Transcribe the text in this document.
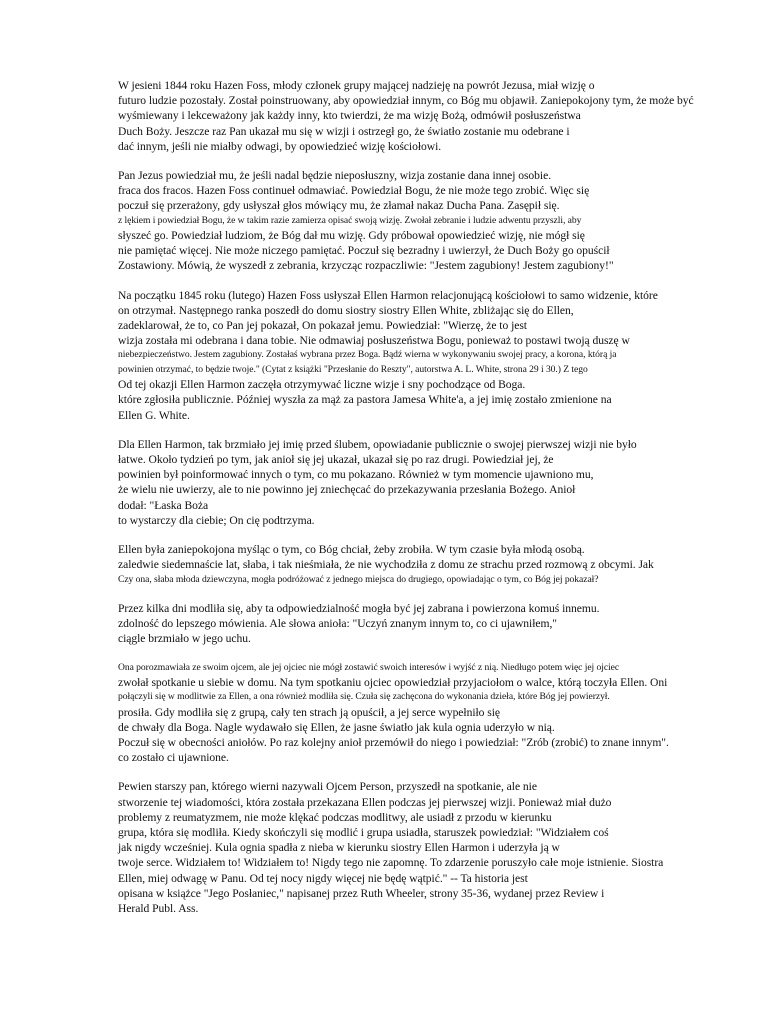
W jesieni 1844 roku Hazen Foss, młody członek grupy mającej nadzieję na powrót Jezusa, miał wizję o
futuro ludzie pozostały. Został poinstruowany, aby opowiedział innym, co Bóg mu objawił. Zaniepokojony tym, że może być
wyśmiewany i lekceważony jak każdy inny, kto twierdzi, że ma wizję Bożą, odmówił posłuszeństwa
Duch Boży. Jeszcze raz Pan ukazał mu się w wizji i ostrzegł go, że światło zostanie mu odebrane i
dać innym, jeśli nie miałby odwagi, by opowiedzieć wizję kościołowi.
Pan Jezus powiedział mu, że jeśli nadal będzie nieposłuszny, wizja zostanie dana innej osobie.
fraca dos fracos. Hazen Foss continuеł odmawiać. Powiedział Bogu, że nie może tego zrobić. Więc się
poczuł się przerażony, gdy usłyszał głos mówiący mu, że złamał nakaz Ducha Pana. Zasępił się.
z lękiem i powiedział Bogu, że w takim razie zamierza opisać swoją wizję. Zwołał zebranie i ludzie adwentu przyszli, aby
słyszeć go. Powiedział ludziom, że Bóg dał mu wizję. Gdy próbował opowiedzieć wizję, nie mógł się
nie pamiętać więcej. Nie może niczego pamiętać. Poczuł się bezradny i uwierzył, że Duch Boży go opuścił
Zostawiony. Mówią, że wyszedł z zebrania, krzycząc rozpaczliwie: "Jestem zagubiony! Jestem zagubiony!"
Na początku 1845 roku (lutego) Hazen Foss usłyszał Ellen Harmon relacjonującą kościołowi to samo widzenie, które
on otrzymał. Następnego ranka poszedł do domu siostry siostry Ellen White, zbliżając się do Ellen,
zadeklarował, że to, co Pan jej pokazał, On pokazał jemu. Powiedział: "Wierzę, że to jest
wizja została mi odebrana i dana tobie. Nie odmawiaj posłuszeństwa Bogu, ponieważ to postawi twoją duszę w
niebezpieczeństwo. Jestem zagubiony. Zostałaś wybrana przez Boga. Bądź wierna w wykonywaniu swojej pracy, a korona, którą ja
powinien otrzymać, to będzie twoje." (Cytat z książki "Przesłanie do Reszty", autorstwa A. L. White, strona 29 i 30.) Z tego
Od tej okazji Ellen Harmon zaczęła otrzymywać liczne wizje i sny pochodzące od Boga.
które zgłosiła publicznie. Później wyszła za mąż za pastora Jamesa White'a, a jej imię zostało zmienione na
Ellen G. White.
Dla Ellen Harmon, tak brzmiało jej imię przed ślubem, opowiadanie publicznie o swojej pierwszej wizji nie było
łatwe. Około tydzień po tym, jak anioł się jej ukazał, ukazał się po raz drugi. Powiedział jej, że
powinien był poinformować innych o tym, co mu pokazano. Również w tym momencie ujawniono mu,
że wielu nie uwierzy, ale to nie powinno jej zniechęcać do przekazywania przesłania Bożego. Anioł
dodał: "Łaska Boża
to wystarczy dla ciebie; On cię podtrzyma.
Ellen była zaniepokojona myśląc o tym, co Bóg chciał, żeby zrobiła. W tym czasie była młodą osobą.
zaledwie siedemnaście lat, słaba, i tak nieśmiała, że nie wychodziła z domu ze strachu przed rozmową z obcymi. Jak
Czy ona, słaba młoda dziewczyna, mogła podróżować z jednego miejsca do drugiego, opowiadając o tym, co Bóg jej pokazał?
Przez kilka dni modliła się, aby ta odpowiedzialność mogła być jej zabrana i powierzona komuś innemu.
zdolność do lepszego mówienia. Ale słowa anioła: "Uczyń znanym innym to, co ci ujawniłem,"
ciągle brzmiało w jego uchu.
Ona porozmawiała ze swoim ojcem, ale jej ojciec nie mógł zostawić swoich interesów i wyjść z nią. Niedługo potem więc jej ojciec
zwołał spotkanie u siebie w domu. Na tym spotkaniu ojciec opowiedział przyjaciołom o walce, którą toczyła Ellen. Oni
połączyli się w modlitwie za Ellen, a ona również modliła się. Czuła się zachęcona do wykonania dzieła, które Bóg jej powierzył.
prosiła. Gdy modliła się z grupą, cały ten strach ją opuścił, a jej serce wypełniło się
de chwały dla Boga. Nagle wydawało się Ellen, że jasne światło jak kula ognia uderzyło w nią.
Poczuł się w obecności aniołów. Po raz kolejny anioł przemówił do niego i powiedział: "Zrób (zrobić) to znane innym".
co zostało ci ujawnione.
Pewien starszy pan, którego wierni nazywali Ojcem Person, przyszedł na spotkanie, ale nie
stworzenie tej wiadomości, która została przekazana Ellen podczas jej pierwszej wizji. Ponieważ miał dużo
problemy z reumatyzmem, nie może klękać podczas modlitwy, ale usiadł z przodu w kierunku
grupa, która się modliła. Kiedy skończyli się modlić i grupa usiadła, staruszek powiedział: "Widziałem coś
jak nigdy wcześniej. Kula ognia spadła z nieba w kierunku siostry Ellen Harmon i uderzyła ją w
twoje serce. Widziałem to! Widziałem to! Nigdy tego nie zapomnę. To zdarzenie poruszyło całe moje istnienie. Siostra
Ellen, miej odwagę w Panu. Od tej nocy nigdy więcej nie będę wątpić." -- Ta historia jest
opisana w książce "Jego Posłaniec," napisanej przez Ruth Wheeler, strony 35-36, wydanej przez Review i
Herald Publ. Ass.
